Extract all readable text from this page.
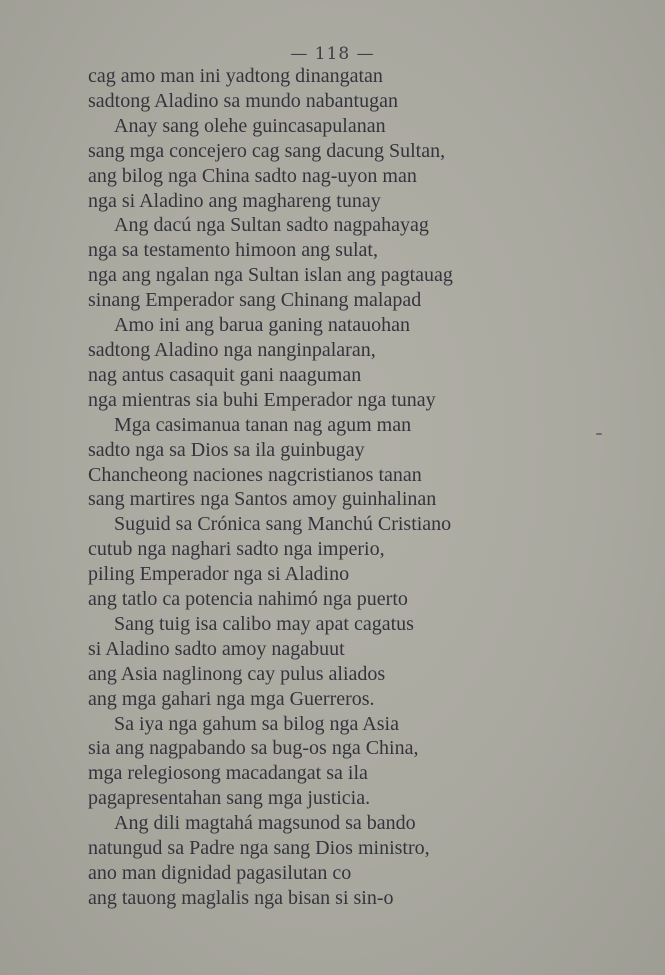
— 118 —
cag amo man ini yadtong dinangatan
sadtong Aladino sa mundo nabantugan
Anay sang olehe guincasapulanan
sang mga concejero cag sang dacung Sultan,
ang bilog nga China sadto nag-uyon man
nga si Aladino ang maghareng tunay
Ang dacú nga Sultan sadto nagpahayag
nga sa testamento himoon ang sulat,
nga ang ngalan nga Sultan islan ang pagtauag
sinang Emperador sang Chinang malapad
Amo ini ang barua ganing natauohan
sadtong Aladino nga nanginpalaran,
nag antus casaquit gani naaguman
nga mientras sia buhi Emperador nga tunay
Mga casimanua tanan nag agum man
sadto nga sa Dios sa ila guinbugay
Chancheong naciones nagcristianos tanan
sang martires nga Santos amoy guinhalinan
Suguid sa Crónica sang Manchú Cristiano
cutub nga naghari sadto nga imperio,
piling Emperador nga si Aladino
ang tatlo ca potencia nahimó nga puerto
Sang tuig isa calibo may apat cagatus
si Aladino sadto amoy nagabuut
ang Asia naglinong cay pulus aliados
ang mga gahari nga mga Guerreros.
Sa iya nga gahum sa bilog nga Asia
sia ang nagpabando sa bug-os nga China,
mga relegiosong macadangat sa ila
pagapresentahan sang mga justicia.
Ang dili magtahá magsunod sa bando
natungud sa Padre nga sang Dios ministro,
ano man dignidad pagasilutan co
ang tauong maglalis nga bisan si sin-o
